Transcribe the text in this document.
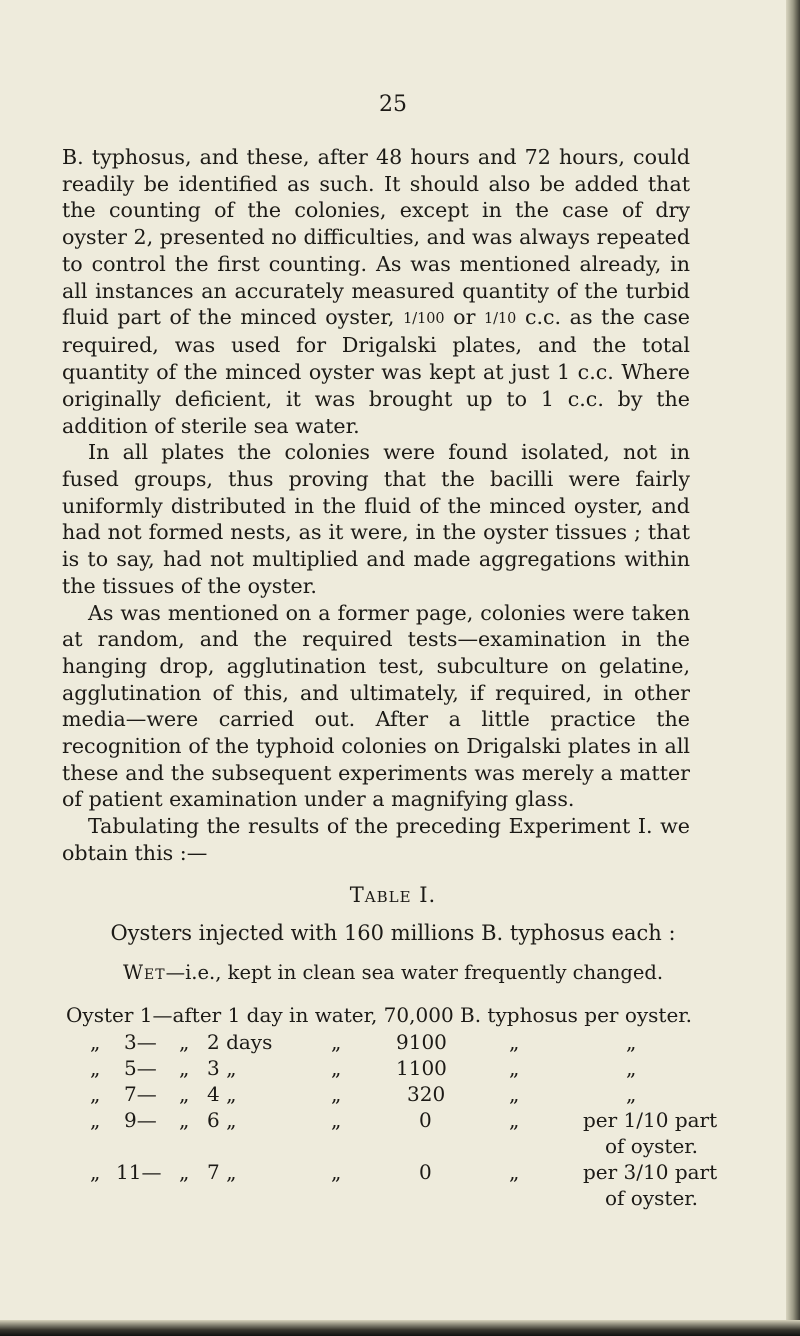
25

B. typhosus, and these, after 48 hours and 72 hours, could readily be identified as such. It should also be added that the counting of the colonies, except in the case of dry oyster 2, presented no difficulties, and was always repeated to control the first counting. As was mentioned already, in all instances an accurately measured quantity of the turbid fluid part of the minced oyster, 1/100 or 1/10 c.c. as the case required, was used for Drigalski plates, and the total quantity of the minced oyster was kept at just 1 c.c. Where originally deficient, it was brought up to 1 c.c. by the addition of sterile sea water.

In all plates the colonies were found isolated, not in fused groups, thus proving that the bacilli were fairly uniformly distributed in the fluid of the minced oyster, and had not formed nests, as it were, in the oyster tissues ; that is to say, had not multiplied and made aggregations within the tissues of the oyster.

As was mentioned on a former page, colonies were taken at random, and the required tests—examination in the hanging drop, agglutination test, subculture on gelatine, agglutination of this, and ultimately, if required, in other media—were carried out. After a little practice the recognition of the typhoid colonies on Drigalski plates in all these and the subsequent experiments was merely a matter of patient examination under a magnifying glass.

Tabulating the results of the preceding Experiment I. we obtain this :—

Table I.
Oysters injected with 160 millions B. typhosus each :
Wet—i.e., kept in clean sea water frequently changed.
Oyster 1—after 1 day in water, 70,000 B. typhosus per oyster.
„ 3— „ 2 days	„	9100	„	„
„ 5— „ 3 „	„	1100	„	„
„ 7— „ 4 „	„	320	„	„
„ 9— „ 6 „	„	0	„	per 1/10 part
of oyster.
„ 11— „ 7 „	„	0	„	per 3/10 part
of oyster.
